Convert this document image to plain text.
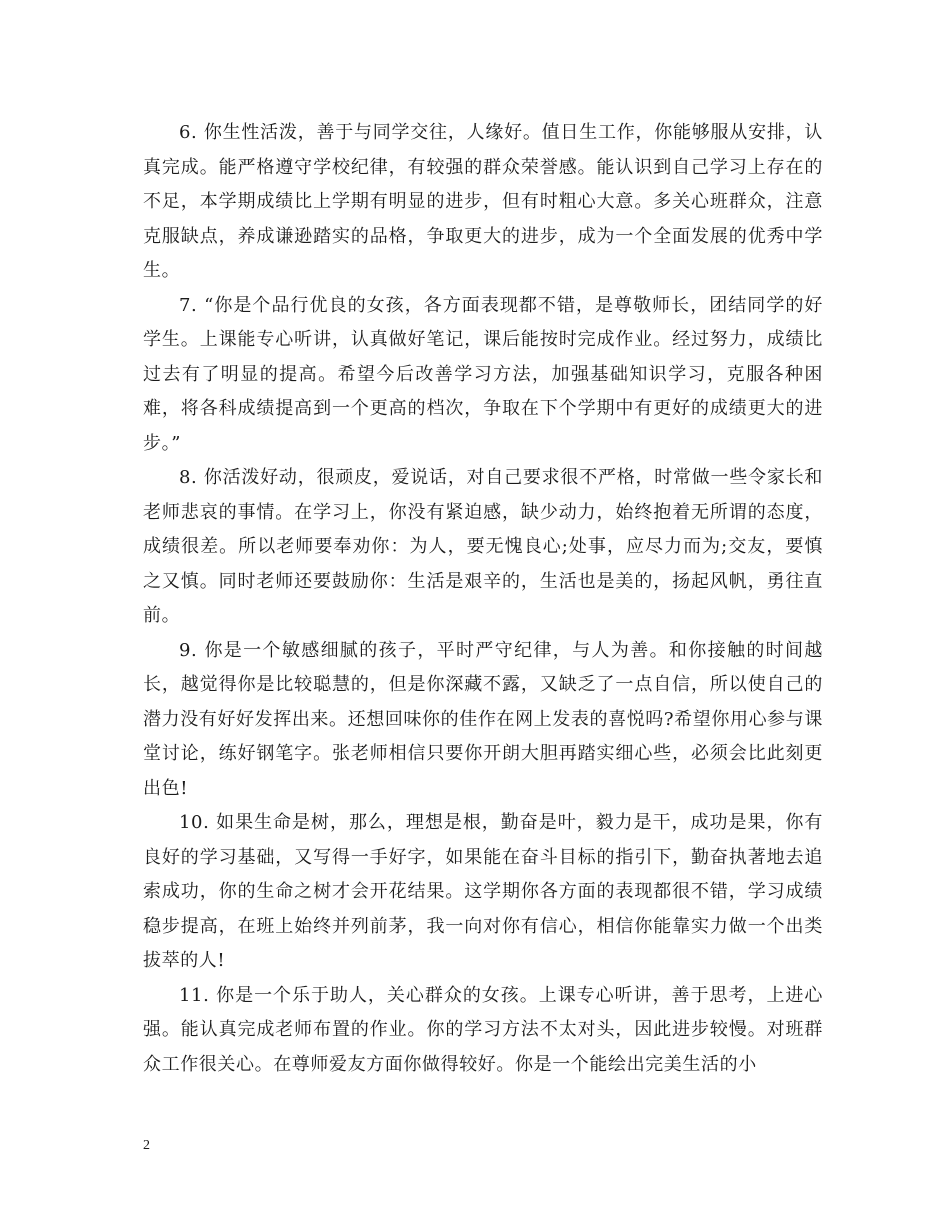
6. 你生性活泼，善于与同学交往，人缘好。值日生工作，你能够服从安排，认真完成。能严格遵守学校纪律，有较强的群众荣誉感。能认识到自己学习上存在的不足，本学期成绩比上学期有明显的进步，但有时粗心大意。多关心班群众，注意克服缺点，养成谦逊踏实的品格，争取更大的进步，成为一个全面发展的优秀中学生。

7. “你是个品行优良的女孩，各方面表现都不错，是尊敬师长，团结同学的好学生。上课能专心听讲，认真做好笔记，课后能按时完成作业。经过努力，成绩比过去有了明显的提高。希望今后改善学习方法，加强基础知识学习，克服各种困难，将各科成绩提高到一个更高的档次，争取在下个学期中有更好的成绩更大的进步。”

8. 你活泼好动，很顽皮，爱说话，对自己要求很不严格，时常做一些令家长和老师悲哀的事情。在学习上，你没有紧迫感，缺少动力，始终抱着无所谓的态度，成绩很差。所以老师要奉劝你：为人，要无愧良心;处事，应尽力而为;交友，要慎之又慎。同时老师还要鼓励你：生活是艰辛的，生活也是美的，扬起风帆，勇往直前。

9. 你是一个敏感细腻的孩子，平时严守纪律，与人为善。和你接触的时间越长，越觉得你是比较聪慧的，但是你深藏不露，又缺乏了一点自信，所以使自己的潜力没有好好发挥出来。还想回味你的佳作在网上发表的喜悦吗?希望你用心参与课堂讨论，练好钢笔字。张老师相信只要你开朗大胆再踏实细心些，必须会比此刻更出色!

10. 如果生命是树，那么，理想是根，勤奋是叶，毅力是干，成功是果，你有良好的学习基础，又写得一手好字，如果能在奋斗目标的指引下，勤奋执著地去追索成功，你的生命之树才会开花结果。这学期你各方面的表现都很不错，学习成绩稳步提高，在班上始终并列前茅，我一向对你有信心，相信你能靠实力做一个出类拔萃的人!

11. 你是一个乐于助人，关心群众的女孩。上课专心听讲，善于思考，上进心强。能认真完成老师布置的作业。你的学习方法不太对头，因此进步较慢。对班群众工作很关心。在尊师爱友方面你做得较好。你是一个能绘出完美生活的小

2
